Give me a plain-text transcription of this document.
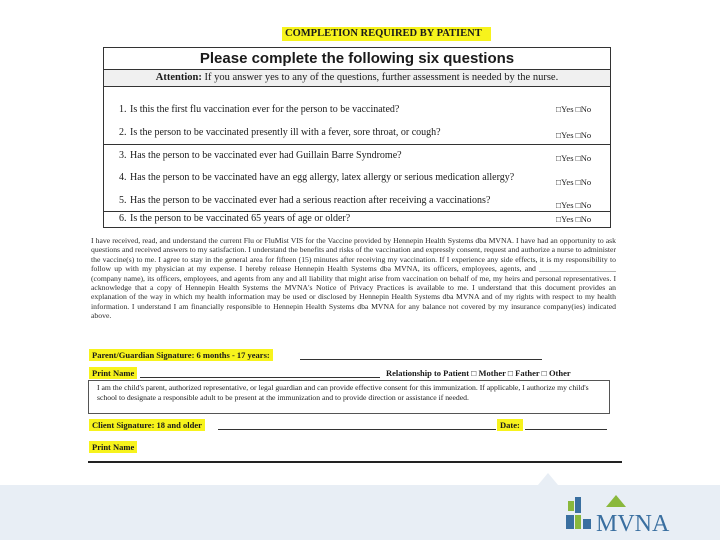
COMPLETION REQUIRED BY PATIENT
Please complete the following six questions
Attention: If you answer yes to any of the questions, further assessment is needed by the nurse.
1. Is this the first flu vaccination ever for the person to be vaccinated?	□Yes □No
2. Is the person to be vaccinated presently ill with a fever, sore throat, or cough?	□Yes □No
3. Has the person to be vaccinated ever had Guillain Barre Syndrome?	□Yes □No
4. Has the person to be vaccinated have an egg allergy, latex allergy or serious medication allergy?	□Yes □No
5. Has the person to be vaccinated ever had a serious reaction after receiving a vaccinations?	□Yes □No
6. Is the person to be vaccinated 65 years of age or older?	□Yes □No
I have received, read, and understand the current Flu or FluMist VIS for the Vaccine provided by Hennepin Health Systems dba MVNA. I have had an opportunity to ask questions and received answers to my satisfaction. I understand the benefits and risks of the vaccination and expressly consent, request and authorize a nurse to administer the vaccine(s) to me. I agree to stay in the general area for fifteen (15) minutes after receiving my vaccination. If I experience any side effects, it is my responsibility to follow up with my physician at my expense. I hereby release Hennepin Health Systems dba MVNA, its officers, employees, agents, and ____________________ (company name), its officers, employees, and agents from any and all liability that might arise from vaccination on behalf of me, my heirs and personal representatives. I acknowledge that a copy of Hennepin Health Systems the MVNA's Notice of Privacy Practices is available to me. I understand that this document provides an explanation of the way in which my health information may be used or disclosed by Hennepin Health Systems dba MVNA and of my rights with respect to my health information. I understand I am financially responsible to Hennepin Health Systems dba MVNA for any balance not covered by my insurance company(ies) indicated above.
Parent/Guardian Signature: 6 months - 17 years:
Print Name	Relationship to Patient □ Mother □ Father □ Other
I am the child's parent, authorized representative, or legal guardian and can provide effective consent for this immunization. If applicable, I authorize my child's school to designate a responsible adult to be present at the immunization and to provide direction or assistance if needed.
Client Signature: 18 and older	Date:
Print Name
MVNA
